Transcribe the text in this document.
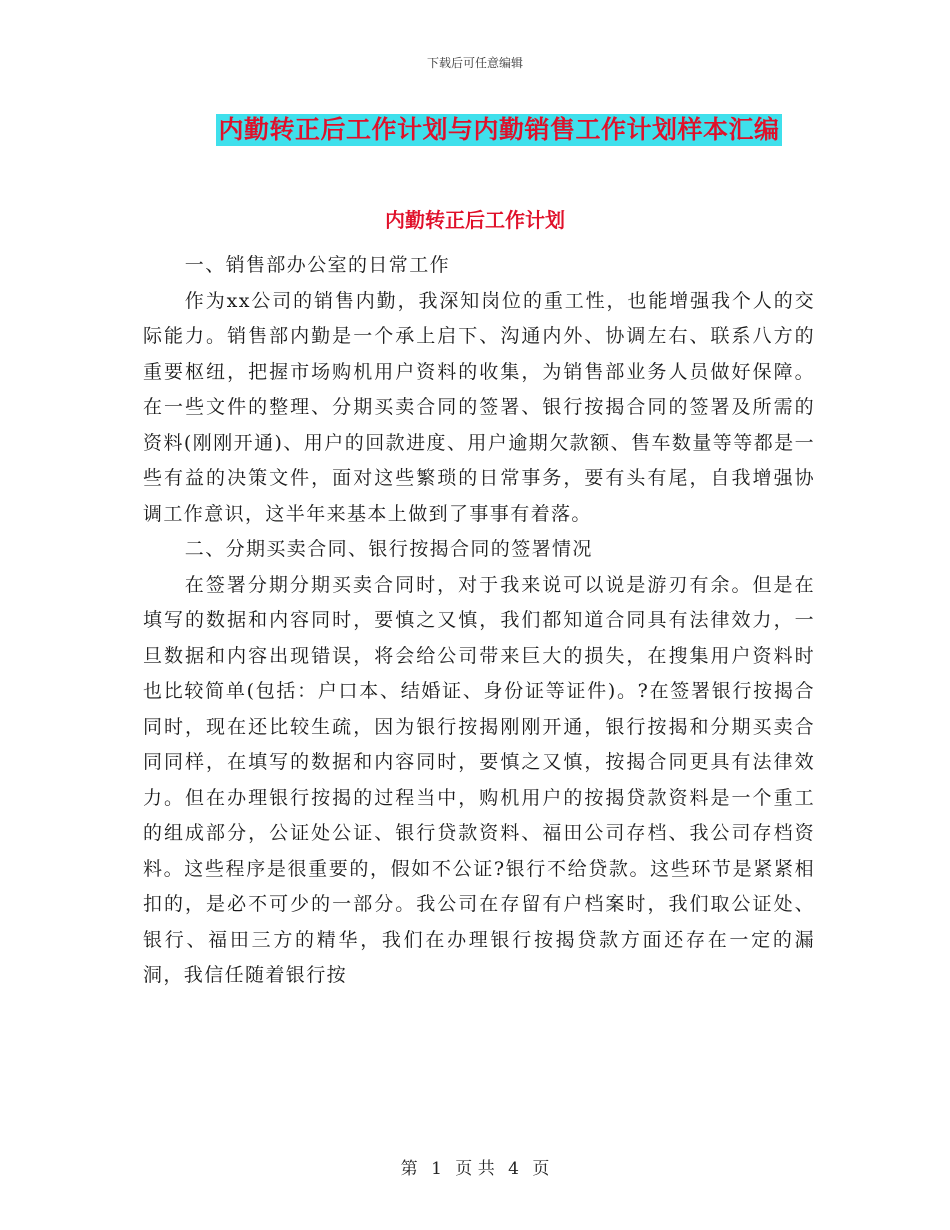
下载后可任意编辑
内勤转正后工作计划与内勤销售工作计划样本汇编
内勤转正后工作计划

一、销售部办公室的日常工作

作为xx公司的销售内勤，我深知岗位的重工性，也能增强我个人的交际能力。销售部内勤是一个承上启下、沟通内外、协调左右、联系八方的重要枢纽，把握市场购机用户资料的收集，为销售部业务人员做好保障。在一些文件的整理、分期买卖合同的签署、银行按揭合同的签署及所需的资料(刚刚开通)、用户的回款进度、用户逾期欠款额、售车数量等等都是一些有益的决策文件，面对这些繁琐的日常事务，要有头有尾，自我增强协调工作意识，这半年来基本上做到了事事有着落。

二、分期买卖合同、银行按揭合同的签署情况

在签署分期分期买卖合同时，对于我来说可以说是游刃有余。但是在填写的数据和内容同时，要慎之又慎，我们都知道合同具有法律效力，一旦数据和内容出现错误，将会给公司带来巨大的损失，在搜集用户资料时也比较简单(包括：户口本、结婚证、身份证等证件)。?在签署银行按揭合同时，现在还比较生疏，因为银行按揭刚刚开通，银行按揭和分期买卖合同同样，在填写的数据和内容同时，要慎之又慎，按揭合同更具有法律效力。但在办理银行按揭的过程当中，购机用户的按揭贷款资料是一个重工的组成部分，公证处公证、银行贷款资料、福田公司存档、我公司存档资料。这些程序是很重要的，假如不公证?银行不给贷款。这些环节是紧紧相扣的，是必不可少的一部分。我公司在存留有户档案时，我们取公证处、银行、福田三方的精华，我们在办理银行按揭贷款方面还存在一定的漏洞，我信任随着银行按

第 1 页 共 4 页
